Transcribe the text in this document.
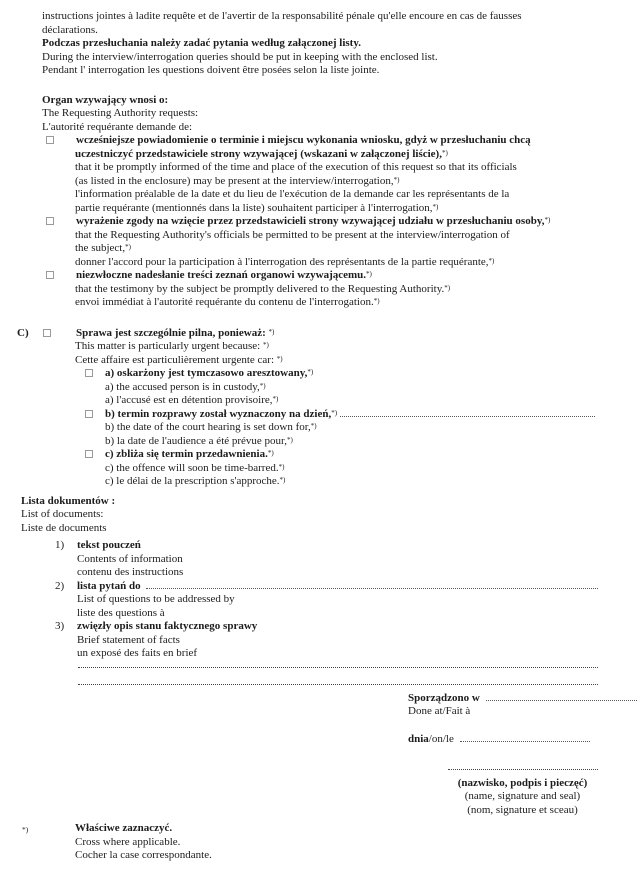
instructions jointes à ladite requête et de l'avertir de la responsabilité pénale qu'elle encoure en cas de fausses
déclarations.
Podczas przesłuchania należy zadać pytania według załączonej listy.
During the interview/interrogation queries should be put in keeping with the enclosed list.
Pendant l' interrogation les questions doivent être posées selon la liste jointe.
Organ wzywający wnosi o:
The Requesting Authority requests:
L'autorité requérante demande de:
wcześniejsze powiadomienie o terminie i miejscu wykonania wniosku, gdyż w przesłuchaniu chcą
uczestniczyć przedstawiciele strony wzywającej (wskazani w załączonej liście), *)
that it be promptly informed of the time and place of the execution of this request so that its officials
(as listed in the enclosure) may be present at the interview/interrogation, *)
l'information préalable de la date et du lieu de l'exécution de la demande car les représentants de la
partie requérante (mentionnés dans la liste) souhaitent participer à l'interrogation, *)
wyrażenie zgody na wzięcie przez przedstawicieli strony wzywającej udziału w przesłuchaniu osoby, *)
that the Requesting Authority's officials be permitted to be present at the interview/interrogation of
the subject, *)
donner l'accord pour la participation à l'interrogation des représentants de la partie requérante, *)
niezwłoczne nadesłanie treści zeznań organowi wzywającemu. *)
that the testimony by the subject be promptly delivered to the Requesting Authority. *)
envoi immédiat à l'autorité requérante du contenu de l'interrogation. *)
C)	Sprawa jest szczególnie pilna, ponieważ: *)
This matter is particularly urgent because: *)
Cette affaire est particulièrement urgente car: *)
a) oskarżony jest tymczasowo aresztowany, *)
a) the accused person is in custody, *)
a) l'accusé est en détention provisoire, *)
b) termin rozprawy został wyznaczony na dzień, *)
b) the date of the court hearing is set down for, *)
b) la date de l'audience a été prévue pour, *)
c) zbliża się termin przedawnienia. *)
c) the offence will soon be time-barred. *)
c) le délai de la prescription s'approche. *)
Lista dokumentów :
List of documents:
Liste de documents
1)	tekst pouczeń
Contents of information
contenu des instructions
2)	lista pytań do
List of questions to be addressed by
liste des questions à
3)	zwięzły opis stanu faktycznego sprawy
Brief statement of facts
un exposé des faits en brief
Sporządzono w
Done at/Fait à
dnia /on/le
(nazwisko, podpis i pieczęć)
(name, signature and seal)
(nom, signature et sceau)
*)	Właściwe zaznaczyć.
Cross where applicable.
Cocher la case correspondante.
